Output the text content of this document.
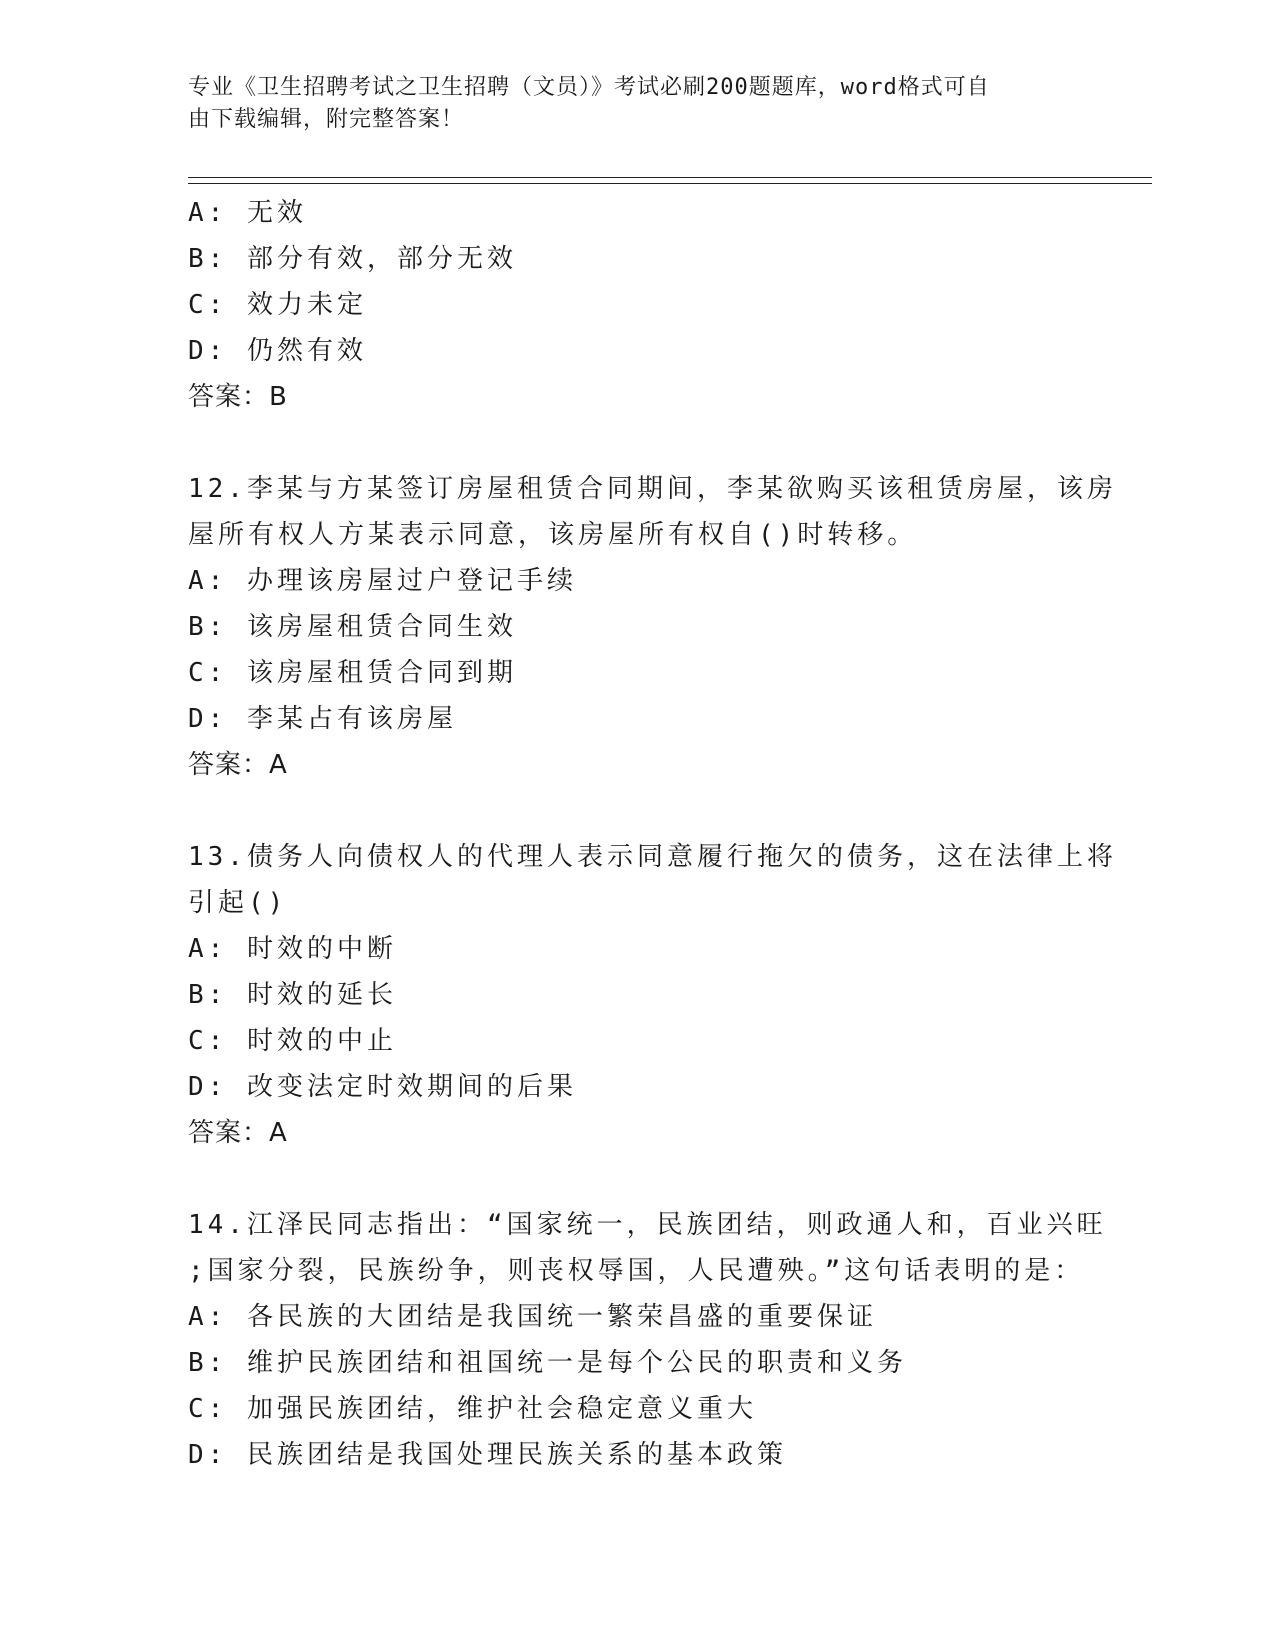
专业《卫生招聘考试之卫生招聘（文员）》考试必刷200题题库，word格式可自
由下载编辑，附完整答案！
A: 无效
B: 部分有效，部分无效
C: 效力未定
D: 仍然有效
答案：B
12.李某与方某签订房屋租赁合同期间，李某欲购买该租赁房屋，该房
屋所有权人方某表示同意，该房屋所有权自()时转移。
A: 办理该房屋过户登记手续
B: 该房屋租赁合同生效
C: 该房屋租赁合同到期
D: 李某占有该房屋
答案：A
13.债务人向债权人的代理人表示同意履行拖欠的债务，这在法律上将
引起()
A: 时效的中断
B: 时效的延长
C: 时效的中止
D: 改变法定时效期间的后果
答案：A
14.江泽民同志指出：“国家统一，民族团结，则政通人和，百业兴旺
;国家分裂，民族纷争，则丧权辱国，人民遭殃。”这句话表明的是：
A: 各民族的大团结是我国统一繁荣昌盛的重要保证
B: 维护民族团结和祖国统一是每个公民的职责和义务
C: 加强民族团结，维护社会稳定意义重大
D: 民族团结是我国处理民族关系的基本政策
